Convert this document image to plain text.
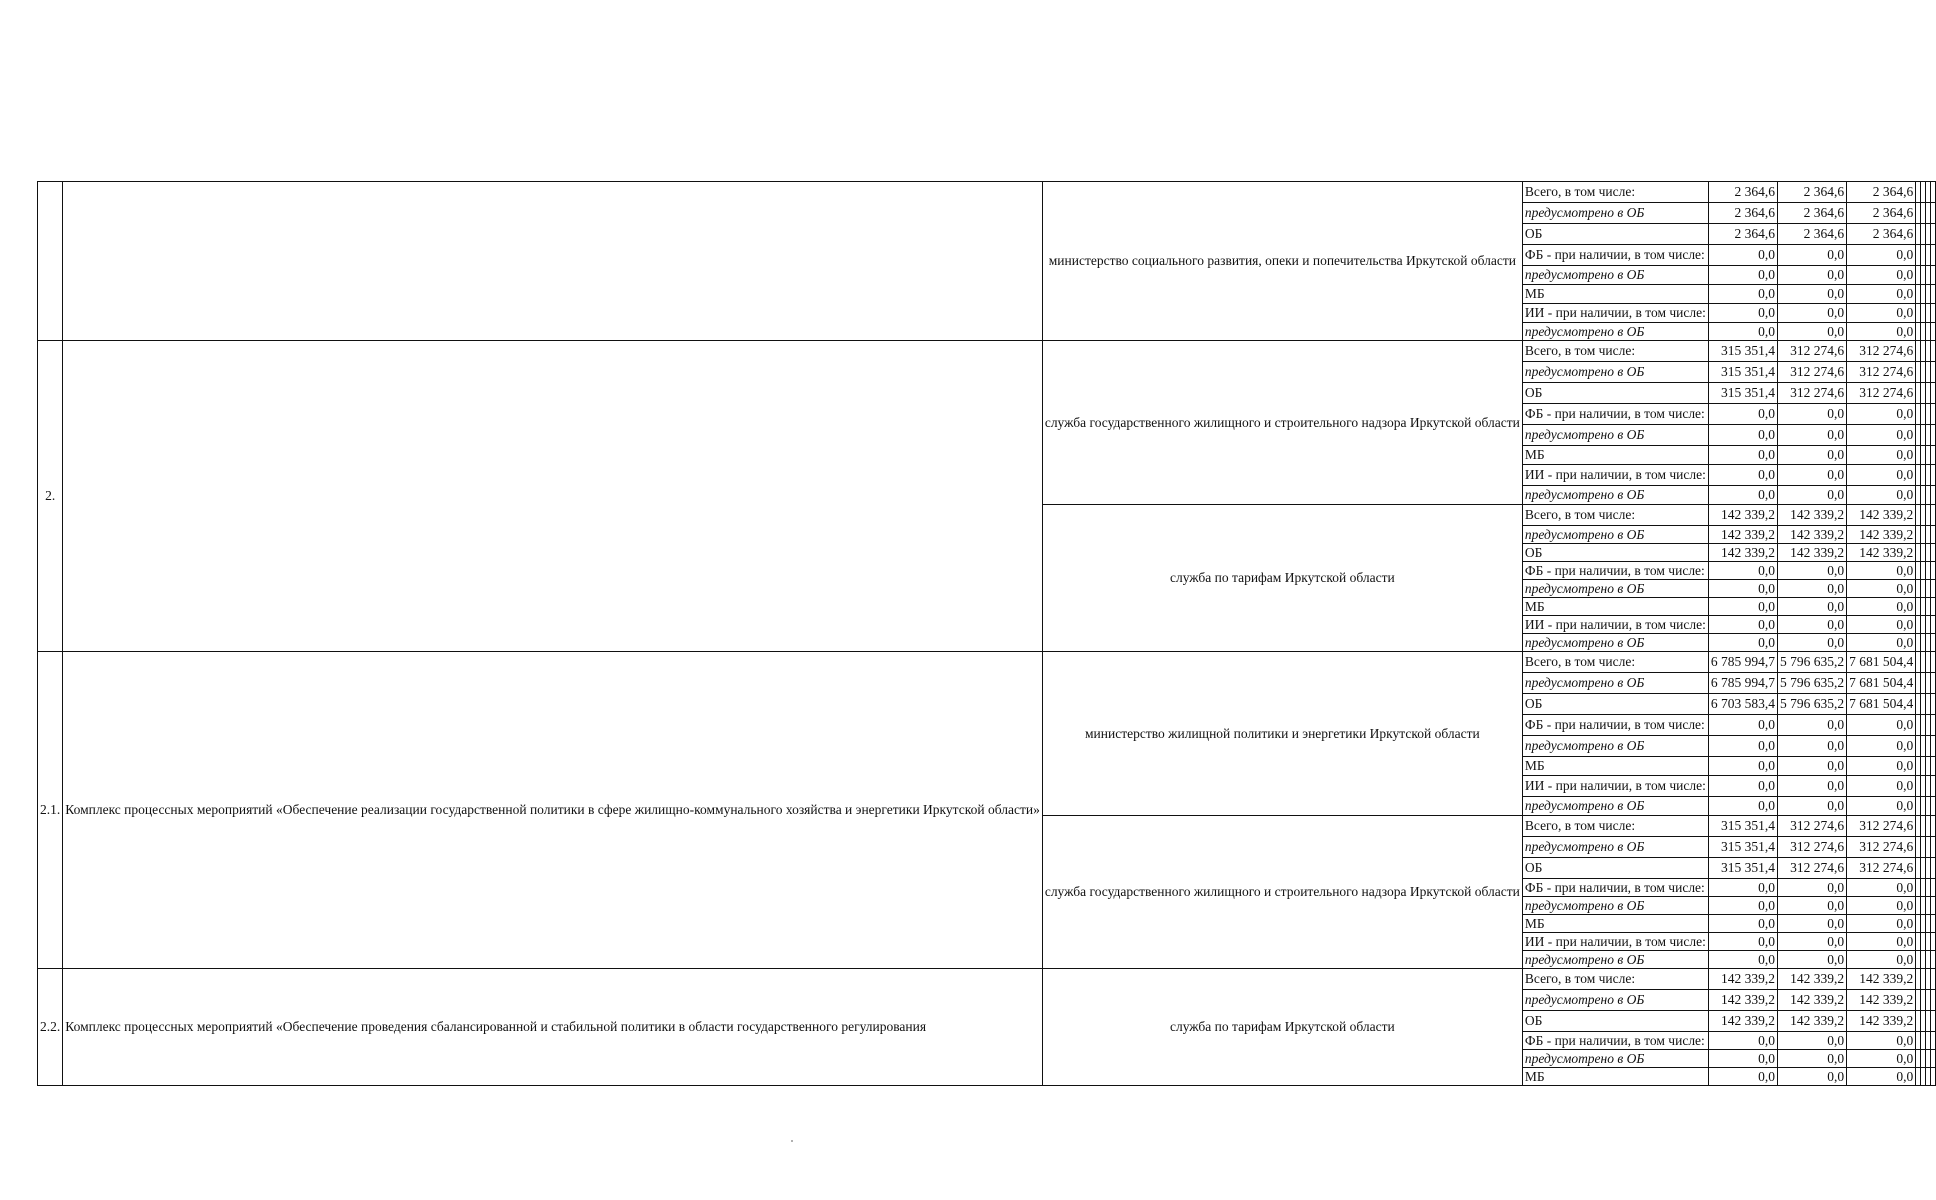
		министерство социального развития, опеки и попечительства Иркутской области	Всего, в том числе:	2 364,6	2 364,6	2 364,6				
			предусмотрено в ОБ	2 364,6	2 364,6	2 364,6				
			ОБ	2 364,6	2 364,6	2 364,6				
			ФБ - при наличии, в том числе:	0,0	0,0	0,0				
			предусмотрено в ОБ	0,0	0,0	0,0				
			МБ	0,0	0,0	0,0				
			ИИ - при наличии, в том числе:	0,0	0,0	0,0				
			предусмотрено в ОБ	0,0	0,0	0,0				
2.		служба государственного жилищного и строительного надзора Иркутской области	Всего, в том числе:	315 351,4	312 274,6	312 274,6				
			предусмотрено в ОБ	315 351,4	312 274,6	312 274,6				
			ОБ	315 351,4	312 274,6	312 274,6				
			ФБ - при наличии, в том числе:	0,0	0,0	0,0				
			предусмотрено в ОБ	0,0	0,0	0,0				
			МБ	0,0	0,0	0,0				
			ИИ - при наличии, в том числе:	0,0	0,0	0,0				
			предусмотрено в ОБ	0,0	0,0	0,0				
		служба по тарифам Иркутской области	Всего, в том числе:	142 339,2	142 339,2	142 339,2				
			предусмотрено в ОБ	142 339,2	142 339,2	142 339,2				
			ОБ	142 339,2	142 339,2	142 339,2				
			ФБ - при наличии, в том числе:	0,0	0,0	0,0				
			предусмотрено в ОБ	0,0	0,0	0,0				
			МБ	0,0	0,0	0,0				
			ИИ - при наличии, в том числе:	0,0	0,0	0,0				
			предусмотрено в ОБ	0,0	0,0	0,0				
2.1.	Комплекс процессных мероприятий «Обеспечение реализации государственной политики в сфере жилищно-коммунального хозяйства и энергетики Иркутской области»	министерство жилищной политики и энергетики Иркутской области	Всего, в том числе:	6 785 994,7	5 796 635,2	7 681 504,4				
			предусмотрено в ОБ	6 785 994,7	5 796 635,2	7 681 504,4				
			ОБ	6 703 583,4	5 796 635,2	7 681 504,4				
			ФБ - при наличии, в том числе:	0,0	0,0	0,0				
			предусмотрено в ОБ	0,0	0,0	0,0				
			МБ	0,0	0,0	0,0				
			ИИ - при наличии, в том числе:	0,0	0,0	0,0				
			предусмотрено в ОБ	0,0	0,0	0,0				
		служба государственного жилищного и строительного надзора Иркутской области	Всего, в том числе:	315 351,4	312 274,6	312 274,6				
			предусмотрено в ОБ	315 351,4	312 274,6	312 274,6				
			ОБ	315 351,4	312 274,6	312 274,6				
			ФБ - при наличии, в том числе:	0,0	0,0	0,0				
			предусмотрено в ОБ	0,0	0,0	0,0				
			МБ	0,0	0,0	0,0				
			ИИ - при наличии, в том числе:	0,0	0,0	0,0				
			предусмотрено в ОБ	0,0	0,0	0,0				
2.2.	Комплекс процессных мероприятий «Обеспечение проведения сбалансированной и стабильной политики в области государственного регулирования	служба по тарифам Иркутской области	Всего, в том числе:	142 339,2	142 339,2	142 339,2				
			предусмотрено в ОБ	142 339,2	142 339,2	142 339,2				
			ОБ	142 339,2	142 339,2	142 339,2				
			ФБ - при наличии, в том числе:	0,0	0,0	0,0				
			предусмотрено в ОБ	0,0	0,0	0,0				
			МБ	0,0	0,0	0,0				
